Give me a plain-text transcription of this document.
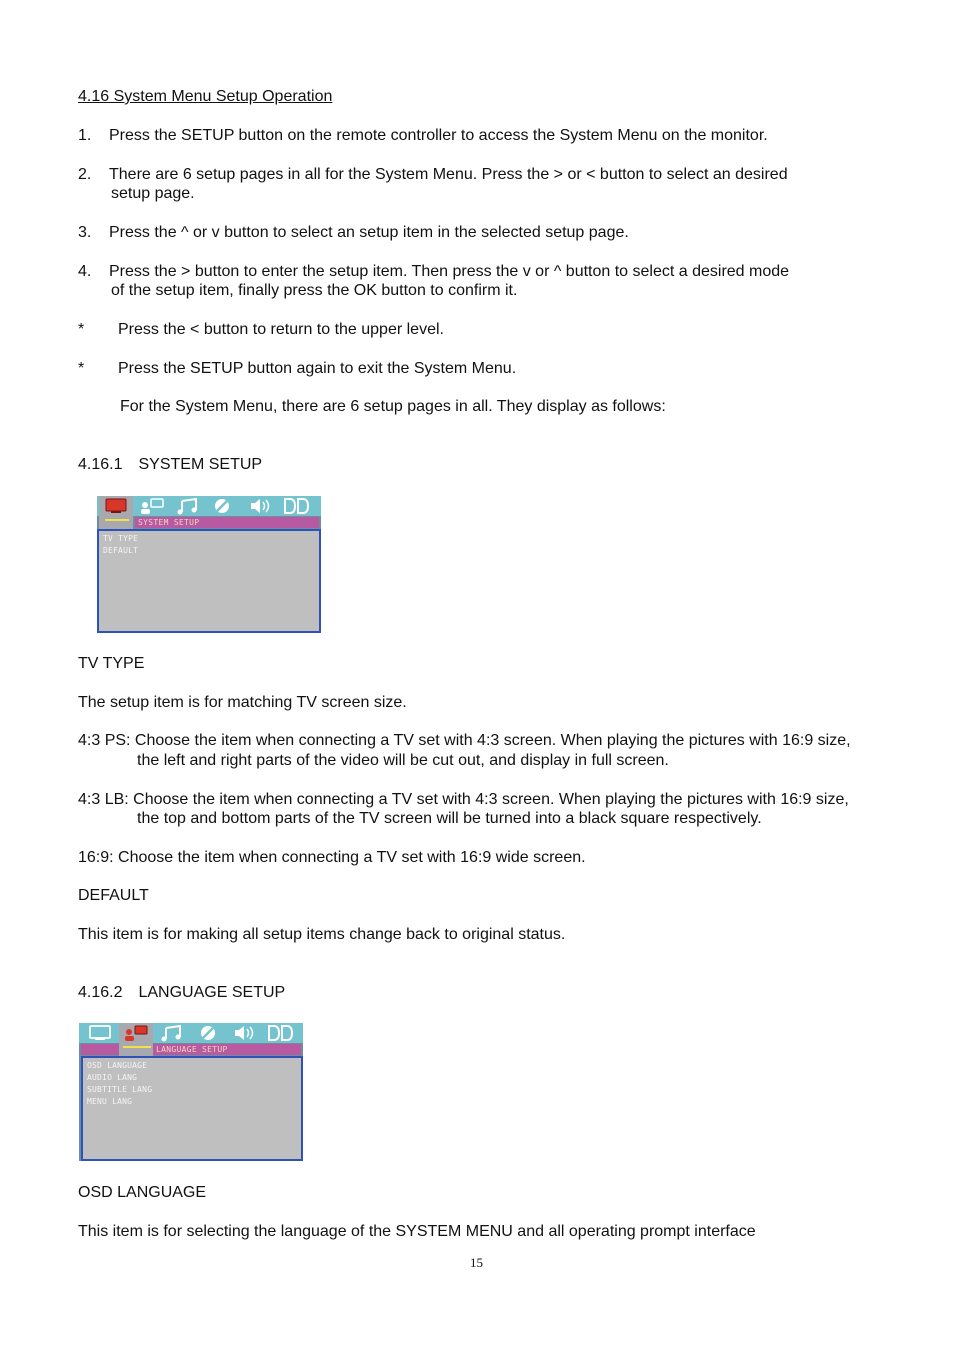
4.16 System Menu Setup Operation
1. Press the SETUP button on the remote controller to access the System Menu on the monitor.
2. There are 6 setup pages in all for the System Menu. Press the > or < button to select an desired
setup page.
3. Press the ^ or v button to select an setup item in the selected setup page.
4. Press the > button to enter the setup item. Then press the v or ^ button to select a desired mode
of the setup item, finally press the OK button to confirm it.
* Press the < button to return to the upper level.
* Press the SETUP button again to exit the System Menu.
For the System Menu, there are 6 setup pages in all. They display as follows:
4.16.1 SYSTEM SETUP
SYSTEM SETUP
TV TYPE
DEFAULT
TV TYPE
The setup item is for matching TV screen size.
4:3 PS: Choose the item when connecting a TV set with 4:3 screen. When playing the pictures with 16:9 size,
the left and right parts of the video will be cut out, and display in full screen.
4:3 LB: Choose the item when connecting a TV set with 4:3 screen. When playing the pictures with 16:9 size,
the top and bottom parts of the TV screen will be turned into a black square respectively.
16:9: Choose the item when connecting a TV set with 16:9 wide screen.
DEFAULT
This item is for making all setup items change back to original status.
4.16.2 LANGUAGE SETUP
LANGUAGE SETUP
OSD LANGUAGE
AUDIO LANG
SUBTITLE LANG
MENU LANG
OSD LANGUAGE
This item is for selecting the language of the SYSTEM MENU and all operating prompt interface
15
